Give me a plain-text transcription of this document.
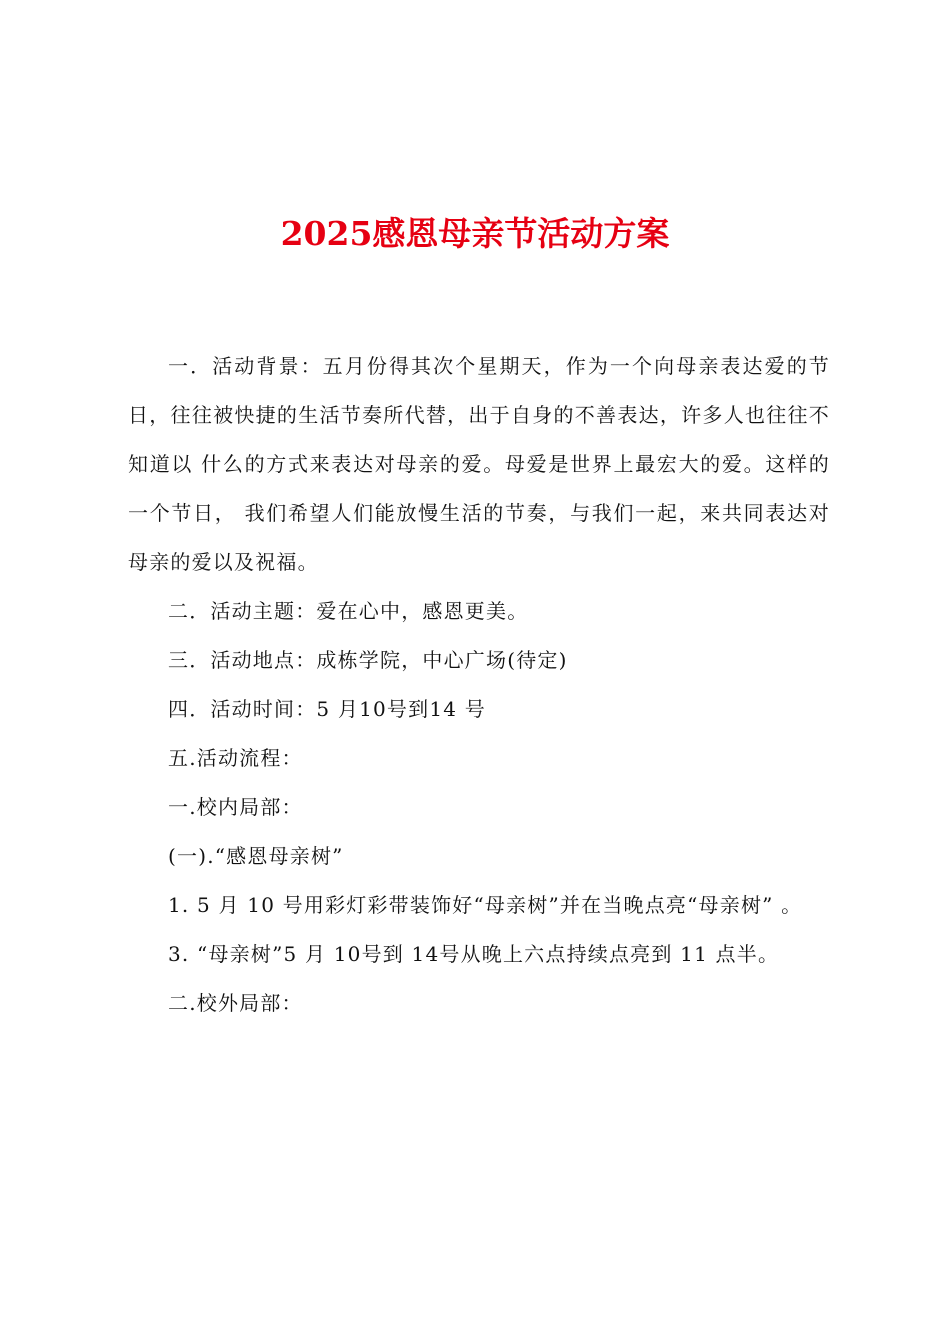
2025感恩母亲节活动方案

一．活动背景：五月份得其次个星期天，作为一个向母亲表达爱的节日，往往被快捷的生活节奏所代替，出于自身的不善表达，许多人也往往不知道以 什么的方式来表达对母亲的爱。母爱是世界上最宏大的爱。这样的一个节日， 我们希望人们能放慢生活的节奏，与我们一起，来共同表达对母亲的爱以及祝福。

二．活动主题：爱在心中，感恩更美。

三．活动地点：成栋学院，中心广场(待定)

四．活动时间：5 月10号到14 号

五.活动流程：

一.校内局部：

(一).“感恩母亲树”

1. 5 月 10 号用彩灯彩带装饰好“母亲树”并在当晚点亮“母亲树” 。

3. “母亲树”5 月 10号到 14号从晚上六点持续点亮到 11 点半。

二.校外局部：
